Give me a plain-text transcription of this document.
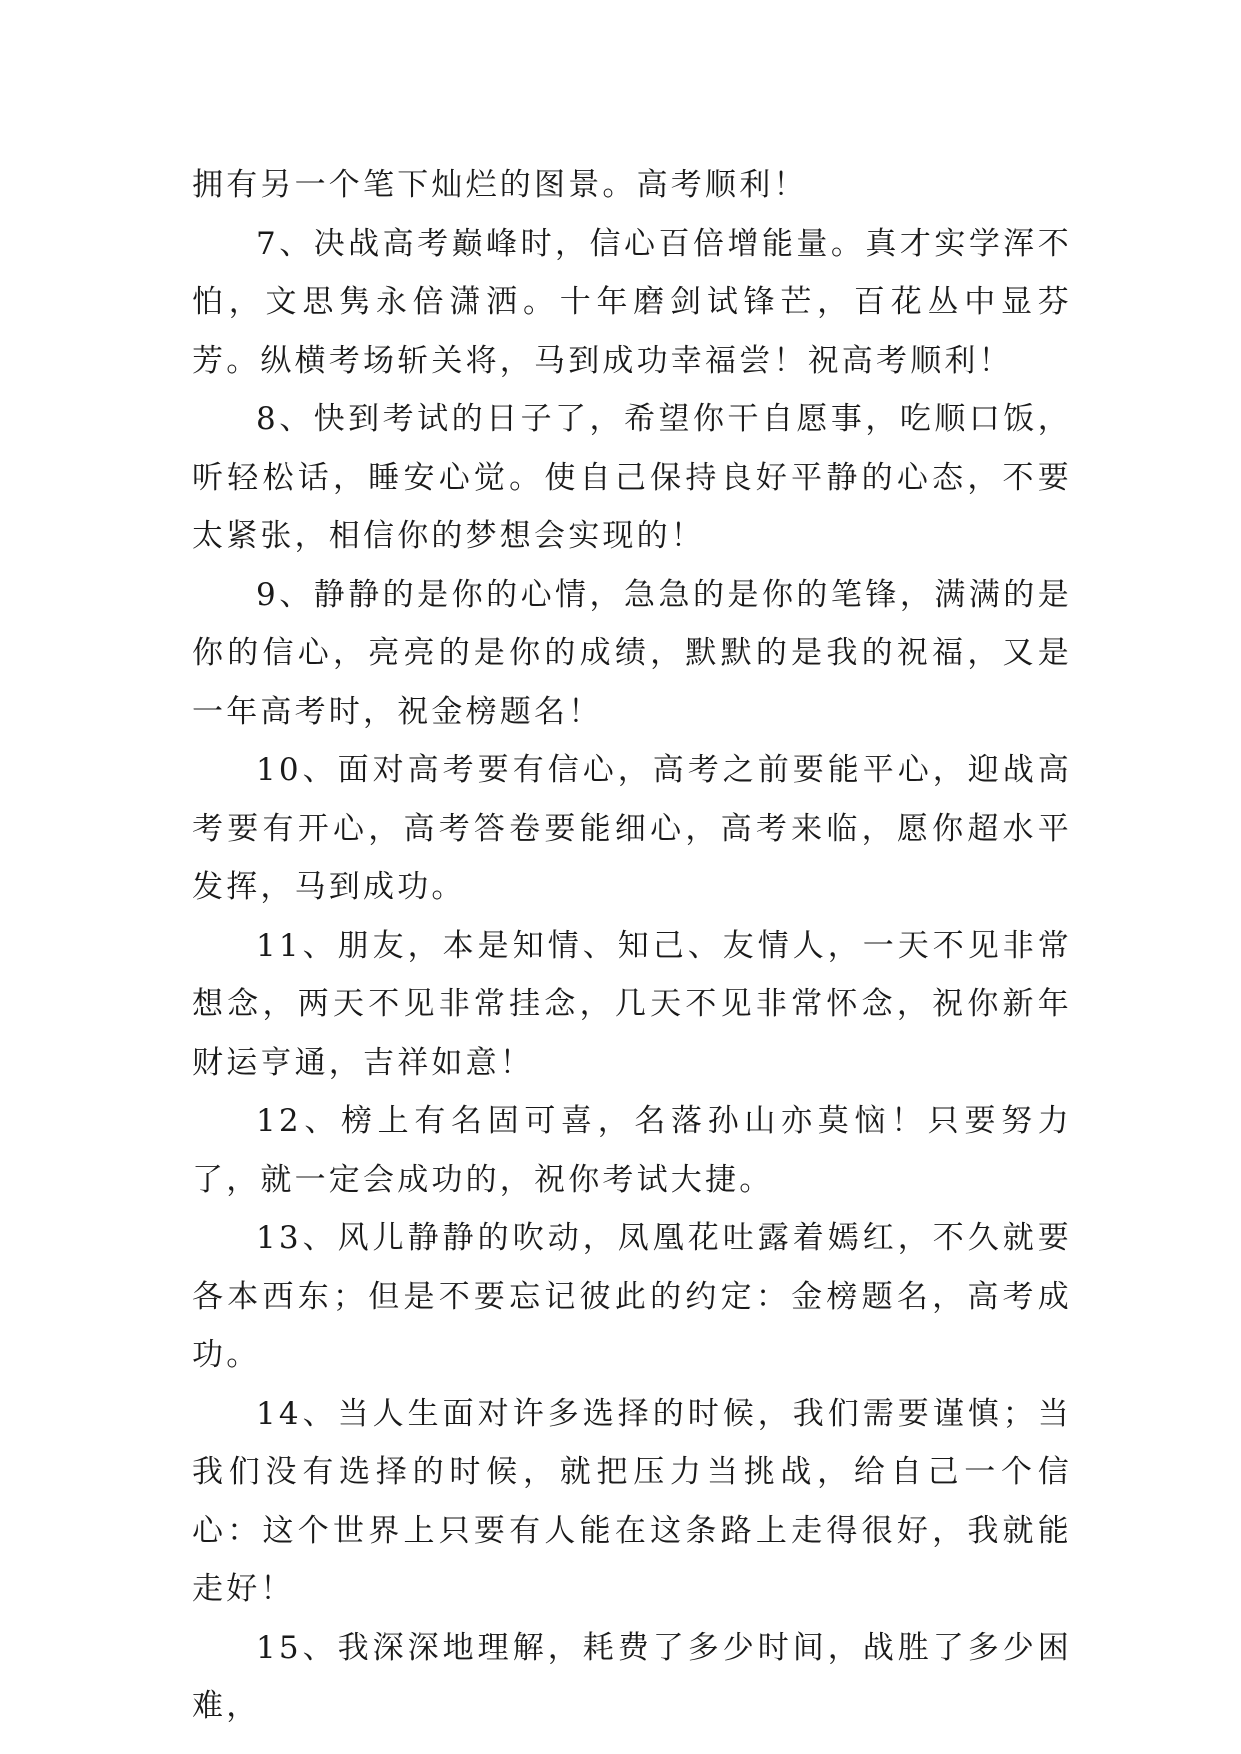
拥有另一个笔下灿烂的图景。高考顺利！

7、决战高考巅峰时，信心百倍增能量。真才实学浑不怕，文思隽永倍潇洒。十年磨剑试锋芒，百花丛中显芬芳。纵横考场斩关将，马到成功幸福尝！祝高考顺利！

8、快到考试的日子了，希望你干自愿事，吃顺口饭，听轻松话，睡安心觉。使自己保持良好平静的心态，不要太紧张，相信你的梦想会实现的！

9、静静的是你的心情，急急的是你的笔锋，满满的是你的信心，亮亮的是你的成绩，默默的是我的祝福，又是一年高考时，祝金榜题名！

10、面对高考要有信心，高考之前要能平心，迎战高考要有开心，高考答卷要能细心，高考来临，愿你超水平发挥，马到成功。

11、朋友，本是知情、知己、友情人，一天不见非常想念，两天不见非常挂念，几天不见非常怀念，祝你新年财运亨通，吉祥如意！

12、榜上有名固可喜，名落孙山亦莫恼！只要努力了，就一定会成功的，祝你考试大捷。

13、风儿静静的吹动，凤凰花吐露着嫣红，不久就要各本西东；但是不要忘记彼此的约定：金榜题名，高考成功。

14、当人生面对许多选择的时候，我们需要谨慎；当我们没有选择的时候，就把压力当挑战，给自己一个信心：这个世界上只要有人能在这条路上走得很好，我就能走好！

15、我深深地理解，耗费了多少时间，战胜了多少困难，
